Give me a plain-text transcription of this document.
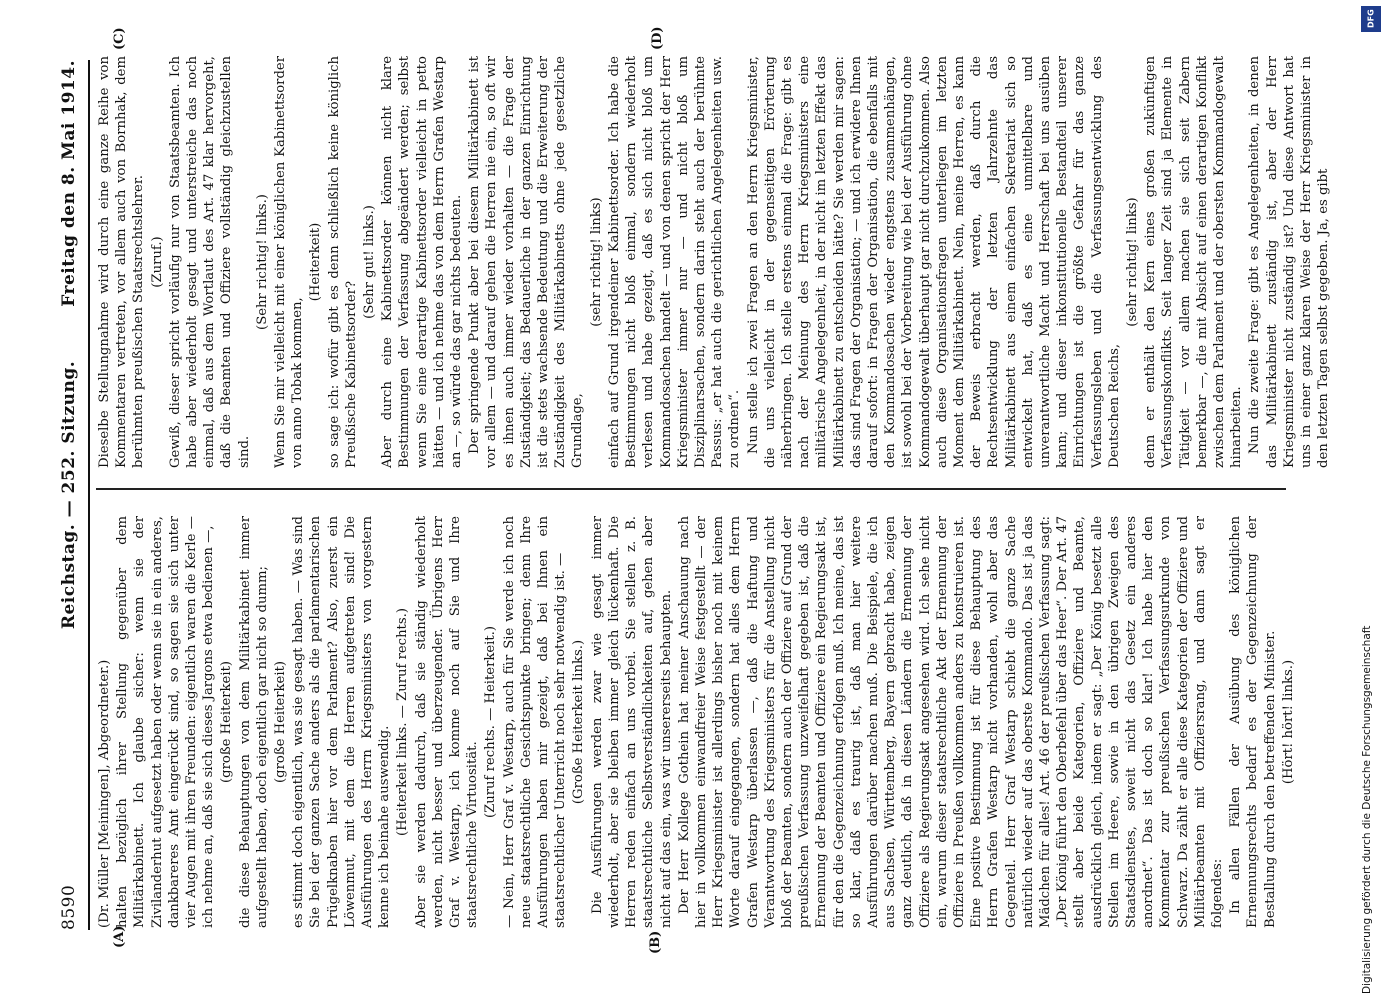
8590
Reichstag. — 252. Sitzung.
Freitag den 8. Mai 1914.
(A)	(B)
(C)	(D)

(Dr. Müller [Meiningen], Abgeordneter.) halten bezüglich ihrer Stellung gegenüber dem Militärkabinett. Ich glaube sicher: wenn sie der Zivilanderhut aufgesetzt haben oder wenn sie in ein anderes, dankbareres Amt eingerückt sind, so sagen sie sich unter vier Augen mit ihren Freunden: eigentlich waren die Kerle — ich nehme an, daß sie sich dieses Jargons etwa bedienen —, (große Heiterkeit) die diese Behauptungen von dem Militärkabinett immer aufgestellt haben, doch eigentlich gar nicht so dumm; (große Heiterkeit) es stimmt doch eigentlich, was sie gesagt haben. — Was sind Sie bei der ganzen Sache anders als die parlamentarischen Prügelknaben hier vor dem Parlament? Also, zuerst ein Löwenmut, mit dem die Herren aufgetreten sind! Die Ausführungen des Herrn Kriegsministers von vorgestern kenne ich beinahe auswendig. (Heiterkeit links. — Zuruf rechts.) Aber sie werden dadurch, daß sie ständig wiederholt werden, nicht besser und überzeugender. Übrigens Herr Graf v. Westarp, ich komme noch auf Sie und Ihre staatsrechtliche Virtuosität.

(Zuruf rechts. — Heiterkeit.) — Nein, Herr Graf v. Westarp, auch für Sie werde ich noch neue staatsrechtliche Gesichtspunkte bringen; denn Ihre Ausführungen haben mir gezeigt, daß bei Ihnen ein staatsrechtlicher Unterricht noch sehr notwendig ist. — (Große Heiterkeit links.) Die Ausführungen werden zwar wie gesagt immer wiederholt, aber sie bleiben immer gleich lückenhaft. Die Herren reden einfach an uns vorbei. Sie stellen z. B. staatsrechtliche Selbstverständlichkeiten auf, gehen aber nicht auf das ein, was wir unsererseits behaupten. Der Herr Kollege Gothein hat meiner Anschauung nach hier in vollkommen einwandfreier Weise festgestellt — der Herr Kriegsminister ist allerdings bisher noch mit keinem Worte darauf eingegangen, sondern hat alles dem Herrn Grafen Westarp überlassen —, daß die Haftung und Verantwortung des Kriegsministers für die Anstellung nicht bloß der Beamten, sondern auch der Offiziere auf Grund der preußischen Verfassung unzweifelhaft gegeben ist, daß die Ernennung der Beamten und Offiziere ein Regierungsakt ist, für den die Gegenzeichnung erfolgen muß. Ich meine, das ist so klar, daß es traurig ist, daß man hier weitere Ausführungen darüber machen muß. Die Beispiele, die ich aus Sachsen, Württemberg, Bayern gebracht habe, zeigen ganz deutlich, daß in diesen Ländern die Ernennung der Offiziere als Regierungsakt angesehen wird. Ich sehe nicht ein, warum dieser staatsrechtliche Akt der Ernennung der Offiziere in Preußen vollkommen anders zu konstruieren ist. Eine positive Bestimmung ist für diese Behauptung des Herrn Grafen Westarp nicht vorhanden, wohl aber das Gegenteil. Herr Graf Westarp schiebt die ganze Sache natürlich wieder auf das oberste Kommando. Das ist ja das Mädchen für alles! Art. 46 der preußischen Verfassung sagt: „Der König führt den Oberbefehl über das Heer“. Der Art. 47 stellt aber beide Kategorien, Offiziere und Beamte, ausdrücklich gleich, indem er sagt: „Der König besetzt alle Stellen im Heere, sowie in den übrigen Zweigen des Staatsdienstes, soweit nicht das Gesetz ein anderes anordnet“. Das ist doch so klar! Ich habe hier den Kommentar zur preußischen Verfassungsurkunde von Schwarz. Da zählt er alle diese Kategorien der Offiziere und Militärbeamten mit Offiziersrang, und dann sagt er folgendes: In allen Fällen der Ausübung des königlichen Ernennungsrechts bedarf es der Gegenzeichnung der Bestallung durch den betreffenden Minister. (Hört! hört! links.)

Dieselbe Stellungnahme wird durch eine ganze Reihe von Kommentaren vertreten, vor allem auch von Bornhak, dem berühmten preußischen Staatsrechtslehrer. (Zuruf.) Gewiß, dieser spricht vorläufig nur von Staatsbeamten. Ich habe aber wiederholt gesagt und unterstreiche das noch einmal, daß aus dem Wortlaut des Art. 47 klar hervorgeht, daß die Beamten und Offiziere vollständig gleichzustellen sind.

(Sehr richtig! links.) Wenn Sie mir vielleicht mit einer königlichen Kabinettsorder von anno Tobak kommen,

(Heiterkeit) so sage ich: wofür gibt es denn schließlich keine königlich Preußische Kabinettsorder?

(Sehr gut! links.) Aber durch eine Kabinettsorder können nicht klare Bestimmungen der Verfassung abgeändert werden; selbst wenn Sie eine derartige Kabinettsorder vielleicht in petto hätten — und ich nehme das von dem Herrn Grafen Westarp an —, so würde das gar nichts bedeuten. Der springende Punkt aber bei diesem Militärkabinett ist vor allem — und darauf gehen die Herren nie ein, so oft wir es ihnen auch immer wieder vorhalten — die Frage der Zuständigkeit; das Bedauerliche in der ganzen Einrichtung ist die stets wachsende Bedeutung und die Erweiterung der Zuständigkeit des Militärkabinetts ohne jede gesetzliche Grundlage,

(sehr richtig! links) einfach auf Grund irgendeiner Kabinettsorder. Ich habe die Bestimmungen nicht bloß einmal, sondern wiederholt verlesen und habe gezeigt, daß es sich nicht bloß um Kommandosachen handelt — und von denen spricht der Herr Kriegsminister immer nur — und nicht bloß um Disziplinarsachen, sondern darin steht auch der berühmte Passus: „er hat auch die gerichtlichen Angelegenheiten usw. zu ordnen“. Nun stelle ich zwei Fragen an den Herrn Kriegsminister, die uns vielleicht in der gegenseitigen Erörterung näherbringen. Ich stelle erstens einmal die Frage: gibt es nach der Meinung des Herrn Kriegsministers eine militärische Angelegenheit, in der nicht im letzten Effekt das Militärkabinett zu entscheiden hätte? Sie werden mir sagen: das sind Fragen der Organisation; — und ich erwidere Ihnen darauf sofort: in Fragen der Organisation, die ebenfalls mit den Kommandosachen wieder engstens zusammenhängen, ist sowohl bei der Vorbereitung wie bei der Ausführung ohne Kommandogewalt überhaupt gar nicht durchzukommen. Also auch diese Organisationsfragen unterliegen im letzten Moment dem Militärkabinett. Nein, meine Herren, es kann der Beweis erbracht werden, daß durch die Rechtsentwicklung der letzten Jahrzehnte das Militärkabinett aus einem einfachen Sekretariat sich so entwickelt hat, daß es eine unmittelbare und unverantwortliche Macht und Herrschaft bei uns ausüben kann; und dieser inkonstitutionelle Bestandteil unserer Einrichtungen ist die größte Gefahr für das ganze Verfassungsleben und die Verfassungsentwicklung des Deutschen Reichs,

(sehr richtig! links) denn er enthält den Kern eines großen zukünftigen Verfassungskonflikts. Seit langer Zeit sind ja Elemente in Tätigkeit — vor allem machen sie sich seit Zabern bemerkbar —, die mit Absicht auf einen derartigen Konflikt zwischen dem Parlament und der obersten Kommandogewalt hinarbeiten. Nun die zweite Frage: gibt es Angelegenheiten, in denen das Militärkabinett zuständig ist, aber der Herr Kriegsminister nicht zuständig ist? Und diese Antwort hat uns in einer ganz klaren Weise der Herr Kriegsminister in den letzten Tagen selbst gegeben. Ja, es gibt

Digitalisierung gefördert durch die Deutsche Forschungsgemeinschaft
DFG
